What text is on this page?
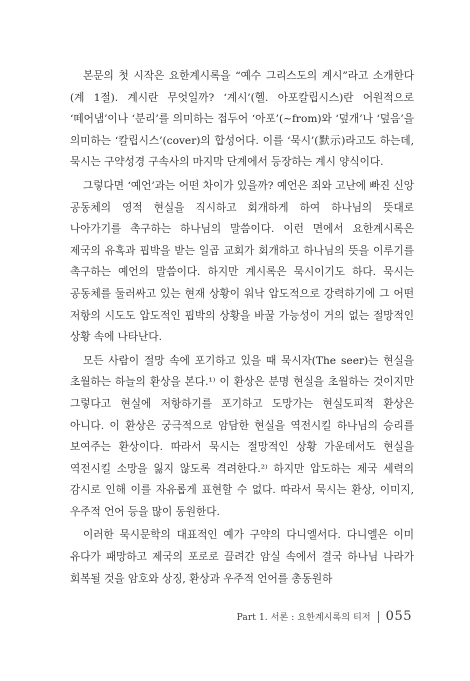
본문의 첫 시작은 요한계시록을 “예수 그리스도의 계시”라고 소개한다(계 1절). 계시란 무엇일까? ‘계시’(헬. 아포칼립시스)란 어원적으로 ‘떼어냄’이나 ‘분리’를 의미하는 접두어 ‘아포’(~from)와 ‘덮개’나 ‘덮음’을 의미하는 ‘칼립시스’(cover)의 합성어다. 이를 ‘묵시’(默示)라고도 하는데, 묵시는 구약성경 구속사의 마지막 단계에서 등장하는 계시 양식이다.

그렇다면 ‘예언’과는 어떤 차이가 있을까? 예언은 죄와 고난에 빠진 신앙 공동체의 영적 현실을 직시하고 회개하게 하여 하나님의 뜻대로 나아가기를 촉구하는 하나님의 말씀이다. 이런 면에서 요한계시록은 제국의 유혹과 핍박을 받는 일곱 교회가 회개하고 하나님의 뜻을 이루기를 촉구하는 예언의 말씀이다. 하지만 계시록은 묵시이기도 하다. 묵시는 공동체를 둘러싸고 있는 현재 상황이 워낙 압도적으로 강력하기에 그 어떤 저항의 시도도 압도적인 핍박의 상황을 바꿀 가능성이 거의 없는 절망적인 상황 속에 나타난다.

모든 사람이 절망 속에 포기하고 있을 때 묵시자(The seer)는 현실을 초월하는 하늘의 환상을 본다.¹⁾ 이 환상은 분명 현실을 초월하는 것이지만 그렇다고 현실에 저항하기를 포기하고 도망가는 현실도피적 환상은 아니다. 이 환상은 궁극적으로 암담한 현실을 역전시킬 하나님의 승리를 보여주는 환상이다. 따라서 묵시는 절망적인 상황 가운데서도 현실을 역전시킬 소망을 잃지 않도록 격려한다.²⁾ 하지만 압도하는 제국 세력의 감시로 인해 이를 자유롭게 표현할 수 없다. 따라서 묵시는 환상, 이미지, 우주적 언어 등을 많이 동원한다.

이러한 묵시문학의 대표적인 예가 구약의 다니엘서다. 다니엘은 이미 유다가 패망하고 제국의 포로로 끌려간 암실 속에서 결국 하나님 나라가 회복될 것을 암호와 상징, 환상과 우주적 언어를 총동원하

Part 1. 서론 : 요한계시록의 티저 055
